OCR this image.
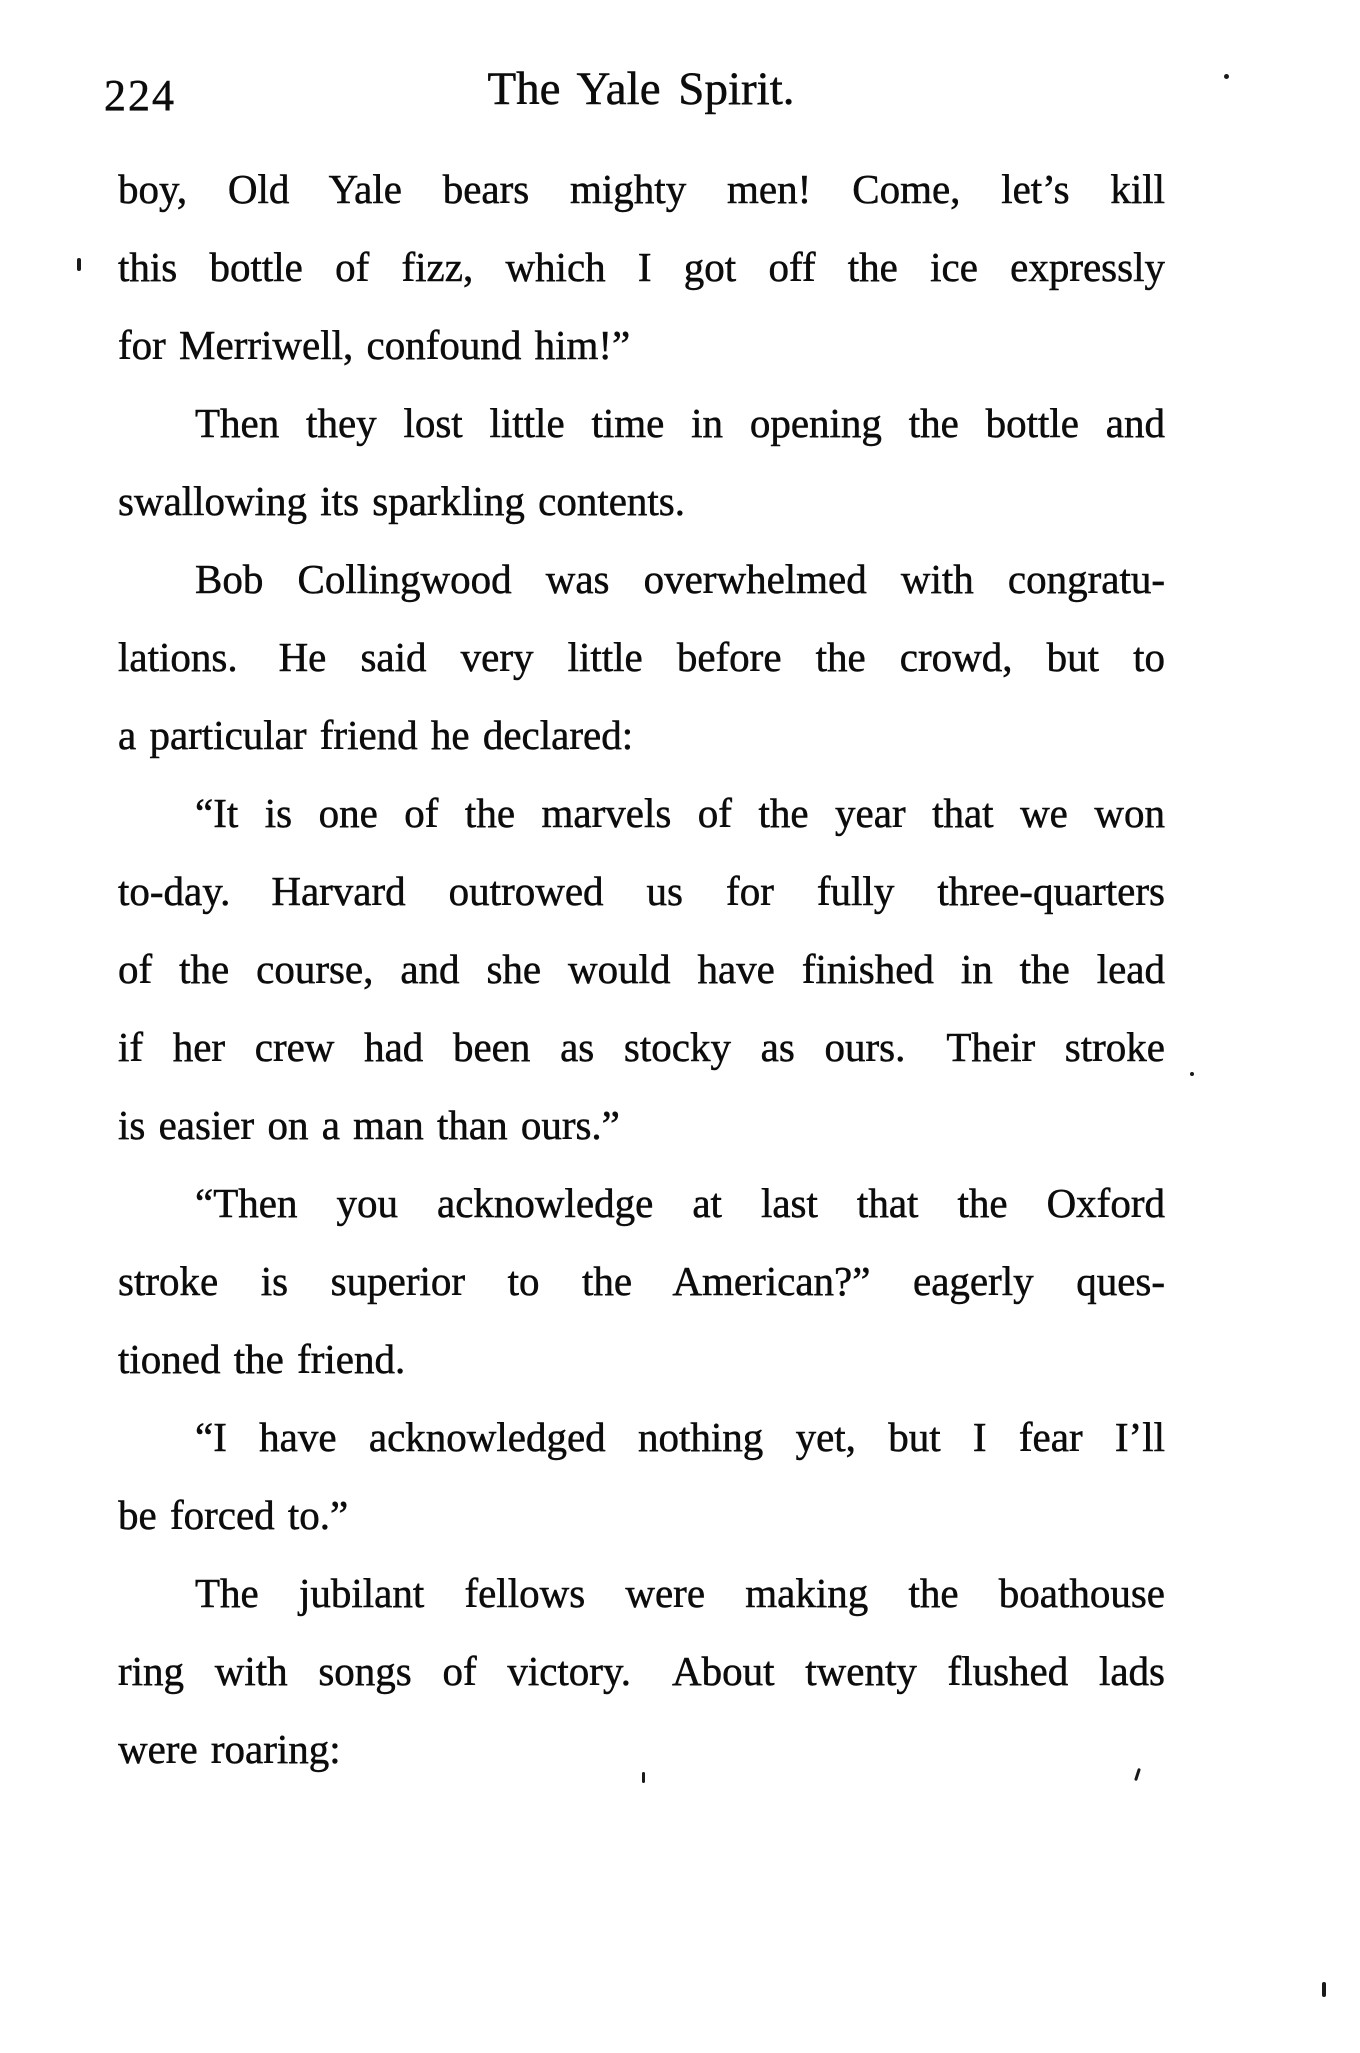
224	The Yale Spirit.
boy, Old Yale bears mighty men! Come, let’s kill
this bottle of fizz, which I got off the ice expressly
for Merriwell, confound him!”
Then they lost little time in opening the bottle and
swallowing its sparkling contents.
Bob Collingwood was overwhelmed with congratu-
lations. He said very little before the crowd, but to
a particular friend he declared:
“It is one of the marvels of the year that we won
to-day. Harvard outrowed us for fully three-quarters
of the course, and she would have finished in the lead
if her crew had been as stocky as ours. Their stroke
is easier on a man than ours.”
“Then you acknowledge at last that the Oxford
stroke is superior to the American?” eagerly ques-
tioned the friend.
“I have acknowledged nothing yet, but I fear I’ll
be forced to.”
The jubilant fellows were making the boathouse
ring with songs of victory. About twenty flushed lads
were roaring:
